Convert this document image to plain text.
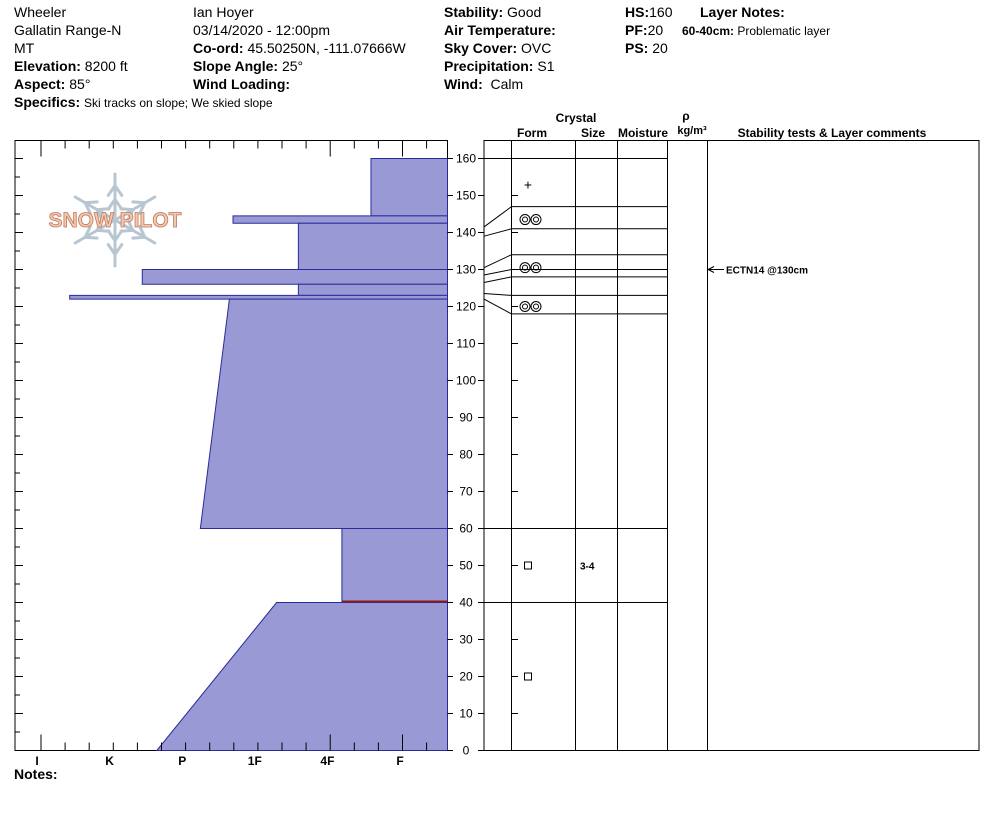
Wheeler
Gallatin Range-N
MT
Elevation: 8200 ft
Aspect: 85°
Specifics: Ski tracks on slope; We skied slope
Ian Hoyer
03/14/2020 - 12:00pm
Co-ord: 45.50250N, -111.07666W
Slope Angle: 25°
Wind Loading:
Stability: Good
Air Temperature:
Sky Cover: OVC
Precipitation: S1
Wind: Calm
HS:160
PF:20
PS: 20
Layer Notes:
60-40cm: Problematic layer
Notes:
SNOW PILOT
I	K	P	1F	4F	F
0
10
20
30
40
50
60
70
80
90
100
110
120
130
140
150
160
+
3-4
ECTN14 @130cm
Crystal
Form	Size Moisture
ρ
kg/m³	Stability tests & Layer comments
